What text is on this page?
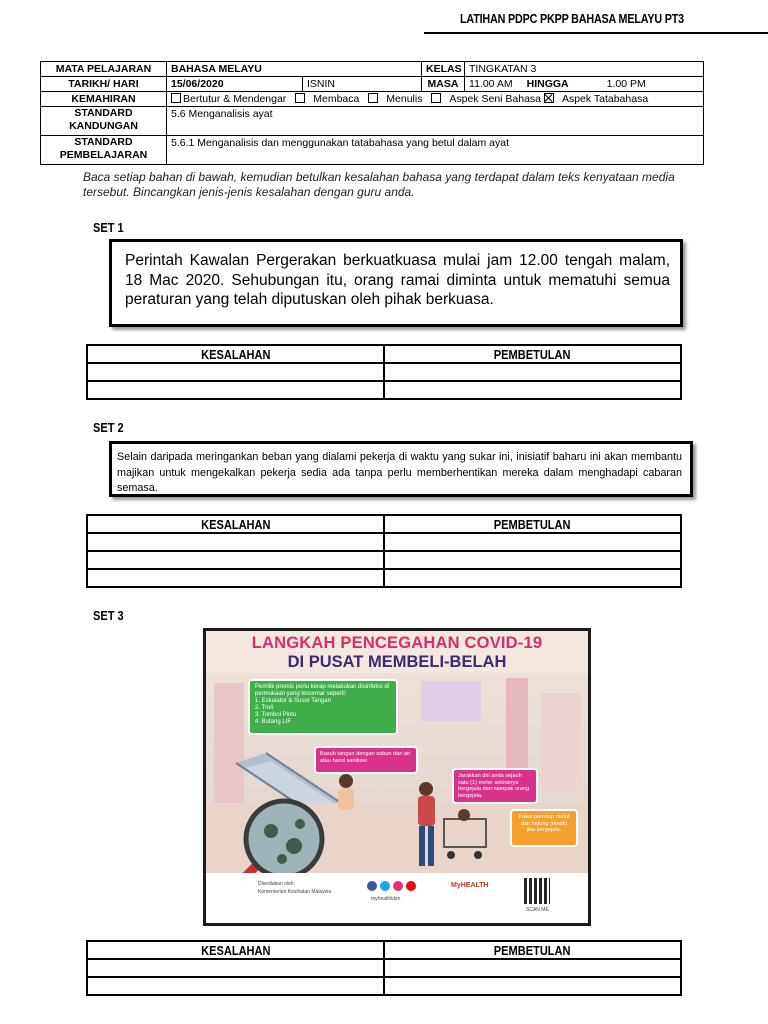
LATIHAN PDPC PKPP BAHASA MELAYU PT3
MATA PELAJARAN	BAHASA MELAYU		KELAS	TINGKATAN 3
TARIKH/ HARI	15/06/2020	ISNIN	MASA	11.00 AM HINGGA 1.00 PM
KEMAHIRAN	Bertutur & Mendengar Membaca Menulis Aspek Seni Bahasa Aspek Tatabahasa			
STANDARD
KANDUNGAN	5.6 Menganalisis ayat			
STANDARD
PEMBELAJARAN	5.6.1 Menganalisis dan menggunakan tatabahasa yang betul dalam ayat			
Baca setiap bahan di bawah, kemudian betulkan kesalahan bahasa yang terdapat dalam teks kenyataan media tersebut. Bincangkan jenis-jenis kesalahan dengan guru anda.
SET 1
Perintah Kawalan Pergerakan berkuatkuasa mulai jam 12.00 tengah malam, 18 Mac 2020. Sehubungan itu, orang ramai diminta untuk mematuhi semua peraturan yang telah diputuskan oleh pihak berkuasa.
KESALAHAN	PEMBETULAN

SET 2
Selain daripada meringankan beban yang dialami pekerja di waktu yang sukar ini, inisiatif baharu ini akan membantu majikan untuk mengekalkan pekerja sedia ada tanpa perlu memberhentikan mereka dalam menghadapi cabaran semasa.
KESALAHAN	PEMBETULAN

SET 3
LANGKAH PENCEGAHAN COVID-19
DI PUSAT MEMBELI-BELAH
Pemilik premis perlu kerap melakukan disinfeksi di permukaan yang tercemar seperti:
1. Eskalator & Susur Tangan
2. Troli
3. Tombol Pintu
4. Butang LIF
Basuh tangan dengan sabun dan air atau hand sanitizer.
Jarakkan diri anda sejauh satu (1) meter sekiranya bergejala dan nampak orang bergejala.
Pakai penutup mulut dan hidung (mask) jika bergejala.
Disediakan oleh:
Kementerian Kesihatan Malaysia
myhealthkkm
MyHEALTH
SCAN ME
KESALAHAN	PEMBETULAN
